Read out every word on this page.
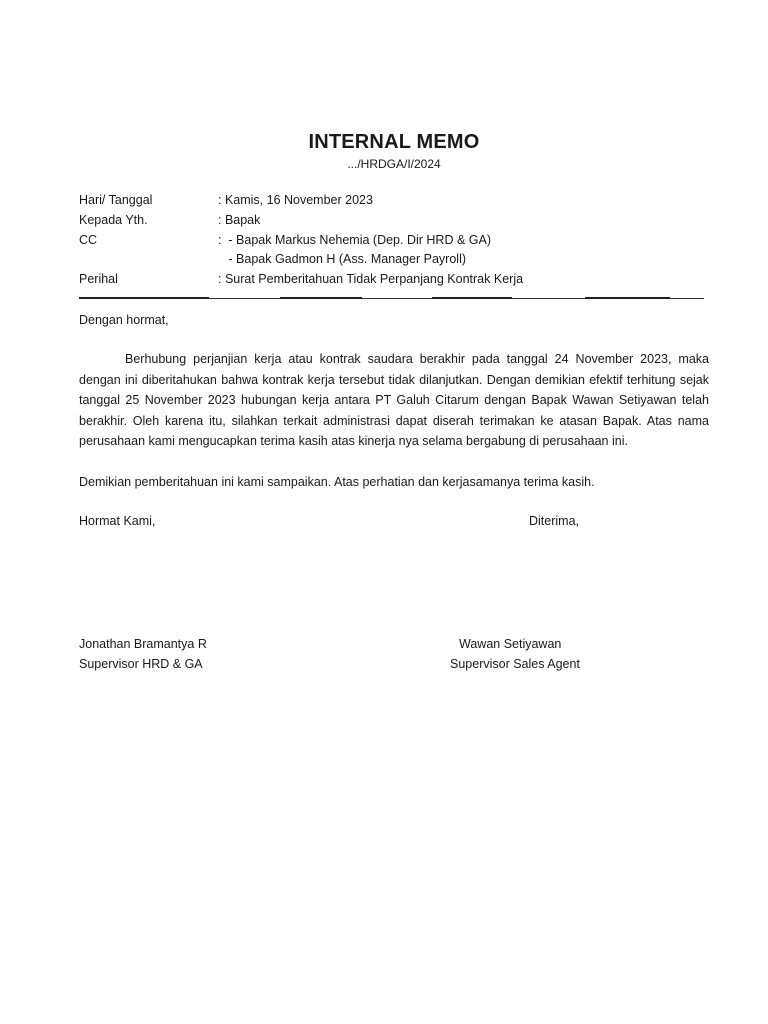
INTERNAL MEMO
.../HRDGA/I/2024
Hari/ Tanggal	: Kamis, 16 November 2023
Kepada Yth.	: Bapak
CC	:  - Bapak Markus Nehemia (Dep. Dir HRD & GA)
- Bapak Gadmon H (Ass. Manager Payroll)
Perihal	: Surat Pemberitahuan Tidak Perpanjang Kontrak Kerja
Dengan hormat,
Berhubung perjanjian kerja atau kontrak saudara berakhir pada tanggal 24 November 2023, maka dengan ini diberitahukan bahwa kontrak kerja tersebut tidak dilanjutkan. Dengan demikian efektif terhitung sejak tanggal 25 November 2023 hubungan kerja antara PT Galuh Citarum dengan Bapak Wawan Setiyawan telah berakhir. Oleh karena itu, silahkan terkait administrasi dapat diserah terimakan ke atasan Bapak. Atas nama perusahaan kami mengucapkan terima kasih atas kinerja nya selama bergabung di perusahaan ini.
Demikian pemberitahuan ini kami sampaikan. Atas perhatian dan kerjasamanya terima kasih.
Hormat Kami,	Diterima,
Jonathan Bramantya R
Supervisor HRD & GA
Wawan Setiyawan
Supervisor Sales Agent
